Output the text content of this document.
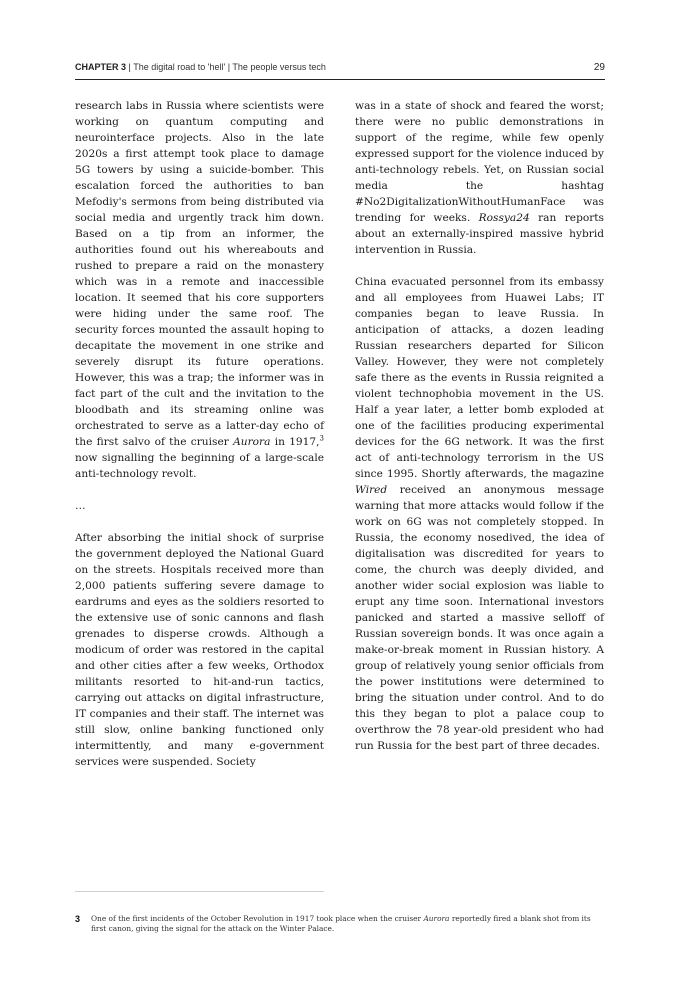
CHAPTER 3 | The digital road to 'hell' | The people versus tech	29

research labs in Russia where scientists were working on quantum computing and neurointerface projects. Also in the late 2020s a first attempt took place to damage 5G towers by using a suicide-bomber. This escalation forced the authorities to ban Mefodiy's sermons from being distributed via social media and urgently track him down. Based on a tip from an informer, the authorities found out his whereabouts and rushed to prepare a raid on the monastery which was in a remote and inaccessible location. It seemed that his core supporters were hiding under the same roof. The security forces mounted the assault hoping to decapitate the movement in one strike and severely disrupt its future operations. However, this was a trap; the informer was in fact part of the cult and the invitation to the bloodbath and its streaming online was orchestrated to serve as a latter-day echo of the first salvo of the cruiser Aurora in 1917,$^3$ now signalling the beginning of a large-scale anti-technology revolt.

…

After absorbing the initial shock of surprise the government deployed the National Guard on the streets. Hospitals received more than 2,000 patients suffering severe damage to eardrums and eyes as the soldiers resorted to the extensive use of sonic cannons and flash grenades to disperse crowds. Although a modicum of order was restored in the capital and other cities after a few weeks, Orthodox militants resorted to hit-and-run tactics, carrying out attacks on digital infrastructure, IT companies and their staff. The internet was still slow, online banking functioned only intermittently, and many e-government services were suspended. Society

was in a state of shock and feared the worst; there were no public demonstrations in support of the regime, while few openly expressed support for the violence induced by anti-technology rebels. Yet, on Russian social media the hashtag #No2DigitalizationWithoutHumanFace was trending for weeks. Rossya24 ran reports about an externally-inspired massive hybrid intervention in Russia.

China evacuated personnel from its embassy and all employees from Huawei Labs; IT companies began to leave Russia. In anticipation of attacks, a dozen leading Russian researchers departed for Silicon Valley. However, they were not completely safe there as the events in Russia reignited a violent technophobia movement in the US. Half a year later, a letter bomb exploded at one of the facilities producing experimental devices for the 6G network. It was the first act of anti-technology terrorism in the US since 1995. Shortly afterwards, the magazine Wired received an anonymous message warning that more attacks would follow if the work on 6G was not completely stopped. In Russia, the economy nosedived, the idea of digitalisation was discredited for years to come, the church was deeply divided, and another wider social explosion was liable to erupt any time soon. International investors panicked and started a massive selloff of Russian sovereign bonds. It was once again a make-or-break moment in Russian history. A group of relatively young senior officials from the power institutions were determined to bring the situation under control. And to do this they began to plot a palace coup to overthrow the 78 year-old president who had run Russia for the best part of three decades.

3 One of the first incidents of the October Revolution in 1917 took place when the cruiser Aurora reportedly fired a blank shot from its first canon, giving the signal for the attack on the Winter Palace.
